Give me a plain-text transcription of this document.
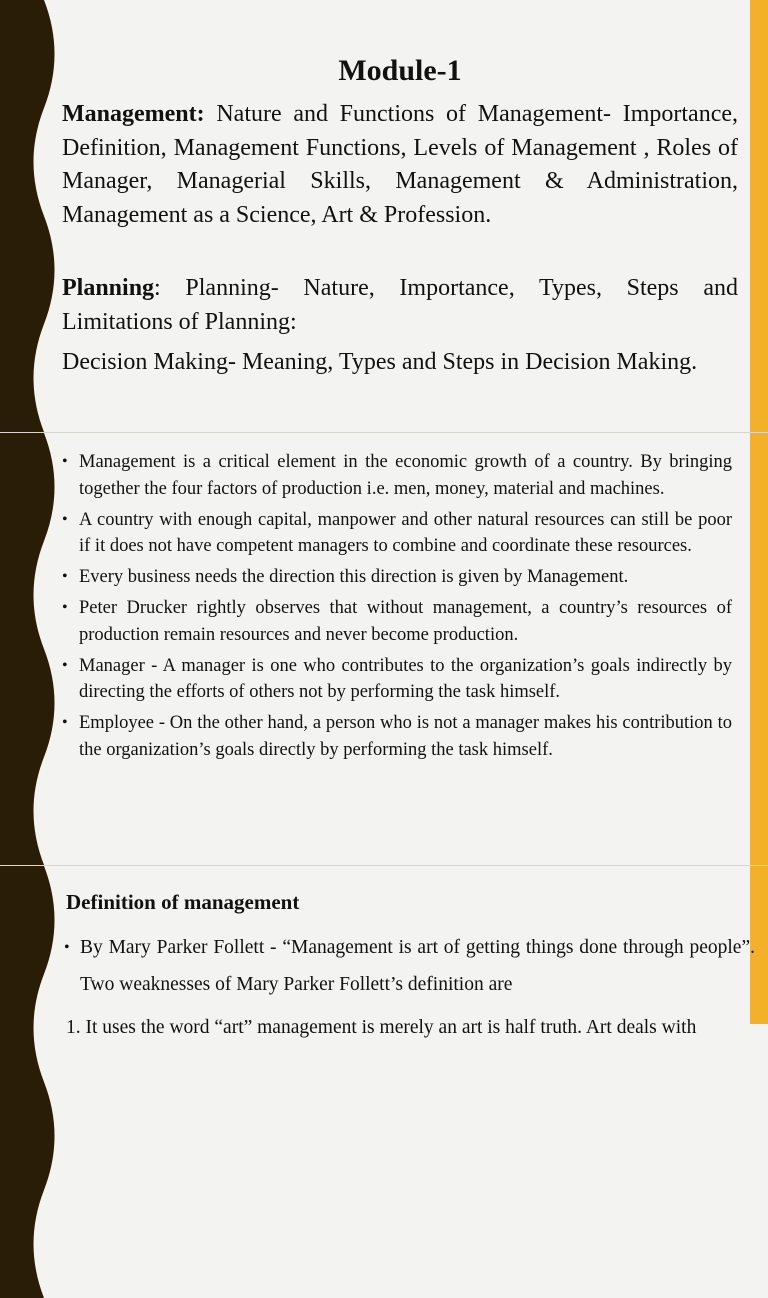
Module-1

Management: Nature and Functions of Management- Importance, Definition, Management Functions, Levels of Management , Roles of Manager, Managerial Skills, Management & Administration, Management as a Science, Art & Profession.

Planning: Planning- Nature, Importance, Types, Steps and Limitations of Planning:

Decision Making- Meaning, Types and Steps in Decision Making.

• Management is a critical element in the economic growth of a country. By bringing together the four factors of production i.e. men, money, material and machines.
• A country with enough capital, manpower and other natural resources can still be poor if it does not have competent managers to combine and coordinate these resources.
• Every business needs the direction this direction is given by Management.
• Peter Drucker rightly observes that without management, a country’s resources of production remain resources and never become production.
• Manager - A manager is one who contributes to the organization’s goals indirectly by directing the efforts of others not by performing the task himself.
• Employee - On the other hand, a person who is not a manager makes his contribution to the organization’s goals directly by performing the task himself.
Definition of management

• By Mary Parker Follett - “Management is art of getting things done through people”. Two weaknesses of Mary Parker Follett’s definition are

1. It uses the word “art” management is merely an art is half truth. Art deals with
